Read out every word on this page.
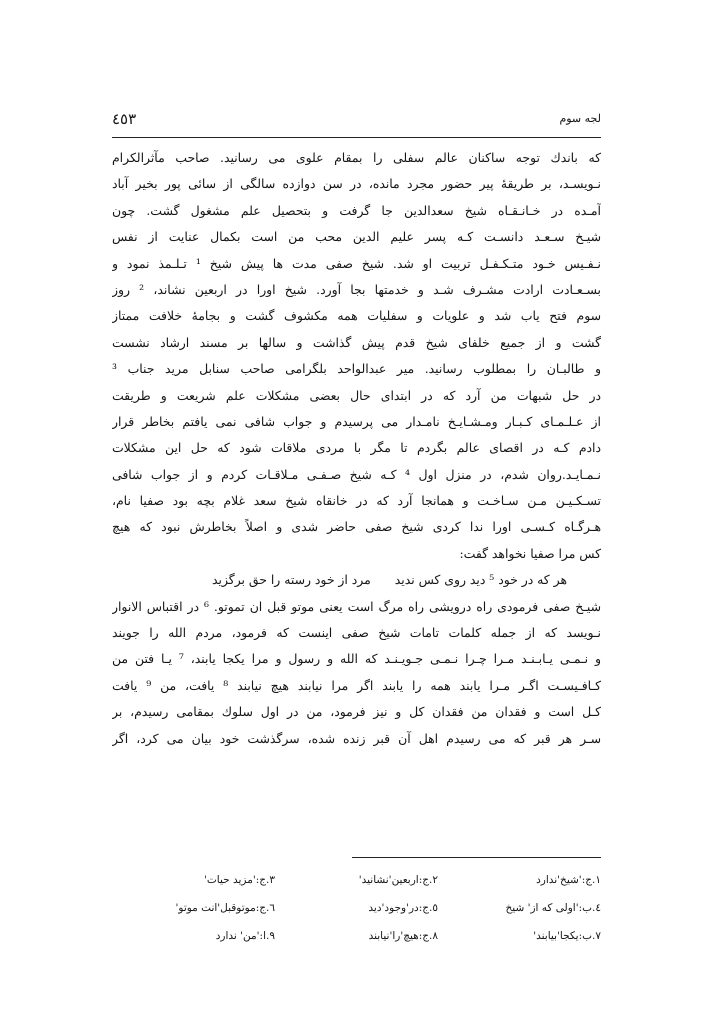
٤٥٣	لجه سوم
که باندك توجه ساكنان عالم سفلی را بمقام علوی می رسانید. صاحب مآثرالكرام
نـویسـد، بر طریقهٔ پیر حضور مجرد مانده، در سن دوازده سالگی از سائی پور بخیر آباد
آمـده در خـانـقـاه شیخ سعدالدین جا گرفت و بتحصیل علم مشغول گشت. چون
شیـخ سـعـد دانسـت کـه پسر علیم الدین محب من است بکمال عنایت از نفس
نـفـیس خـود متـكـفـل تربیت او شد. شیخ صفی مدت ها پیش شیخ ¹ تـلـمذ نمود و
بسـعـادت ارادت مشـرف شـد و خدمتها بجا آورد. شیخ اورا در اربعین نشاند، ² روز
سوم فتح یاب شد و علویات و سفلیات همه مكشوف گشت و بجامهٔ خلافت ممتاز
گشت و از جمیع خلفای شیخ قدم پیش گذاشت و سالها بر مسند ارشاد نشست
و طالبـان را بمطلوب رسانید. میر عبدالواحد بلگرامی صاحب سنابل مرید جناب ³
در حل شبهات من آرد که در ابتدای حال بعضی مشكلات علم شریعت و طریقت
از عـلـمـای كـبـار ومـشـایـخ نامـدار می پرسیدم و جواب شافی نمی یافتم بخاطر قرار
دادم کـه در اقصای عالم بگردم تا مگر با مردی ملاقات شود که حل این مشكلات
نـمـایـد.روان شدم، در منزل اول ⁴ کـه شیخ صـفـی مـلاقـات کردم و از جواب شافی
تسـكـیـن مـن سـاخـت و همانجا آرد که در خانقاه شیخ سعد غلام بچه بود صفیا نام،
هـرگـاه كـسـی اورا ندا كردی شیخ صفی حاضر شدی و اصلاً بخاطرش نبود که هیچ
کس مرا صفیا نخواهد گفت:
هر که در خود ⁵ دید روی کس ندید
مرد از خود رسته را حق برگزید
شیـخ صفی فرمودی راه درویشی راه مرگ است یعنی موتو قبل ان تموتو. ⁶ در اقتباس الانوار
نـویسد که از جمله كلمات تامات شیخ صفی اینست که فرمود، مردم الله را جویند
و نـمـی یـابـنـد مـرا چـرا نـمـی جـویـنـد که الله و رسول و مرا یكجا یابند، ⁷ یـا فتن من
كـافـیسـت اگـر مـرا یابند همه را یابند اگر مرا نیابند هیچ نیابند ⁸ یافت، من ⁹ یافت
كـل است و فقدان من فقدان كل و نیز فرمود، من در اول سلوك بمقامی رسیدم، بر
سـر هر قبر که می رسیدم اهل آن قبر زنده شده، سرگذشت خود بیان می کرد، اگر
١.ج:'شیخ'ندارد
٢.ج:اربعین'نشانید'
٣.ج:'مزید حیات'
٤.ب:'اولی که از' شیخ
٥.ج:در'وجود'دید
٦.ج:موتوقبل'انت موتو'
٧.ب:یكجا'بیابند'
٨.ج:هیچ'را'نیابند
٩.ا:'من' ندارد
